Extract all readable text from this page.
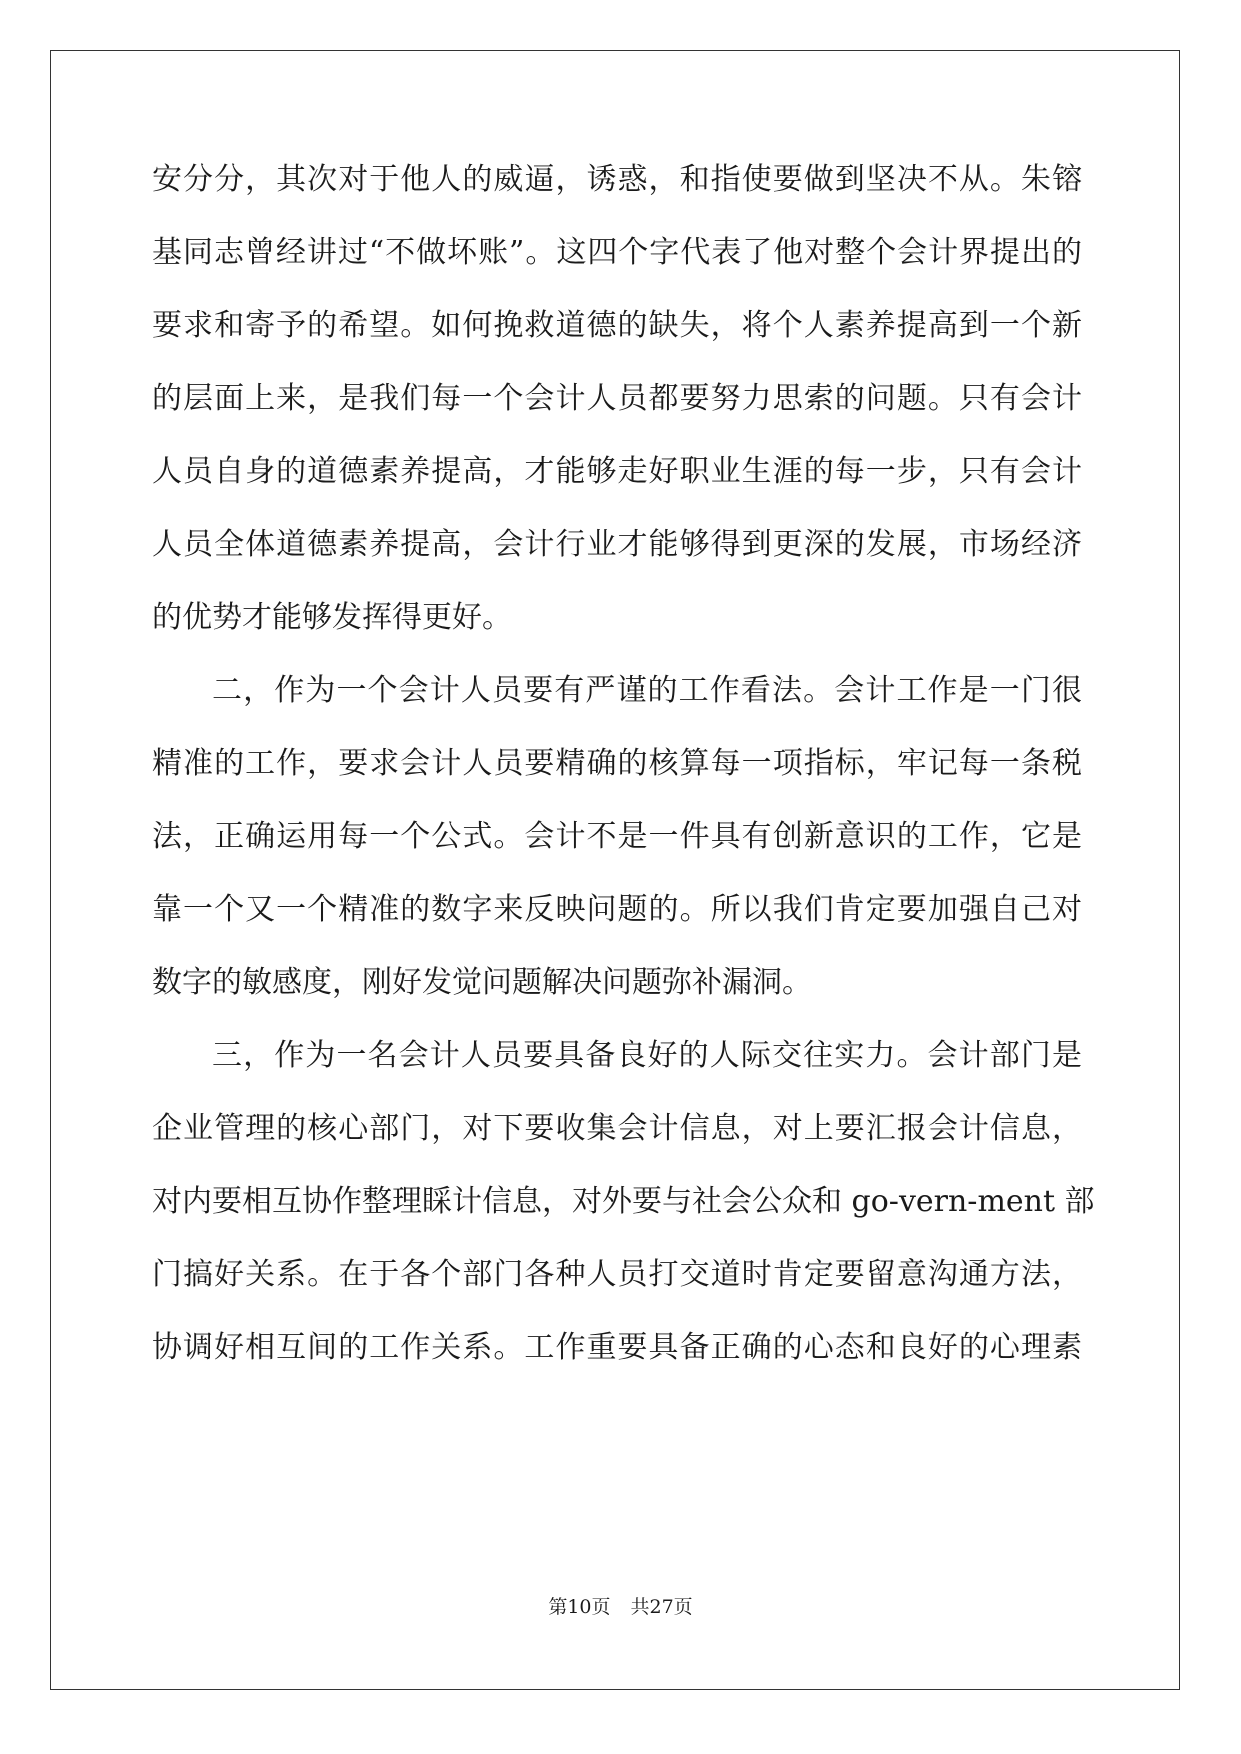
安分分，其次对于他人的威逼，诱惑，和指使要做到坚决不从。朱镕
基同志曾经讲过“不做坏账”。这四个字代表了他对整个会计界提出的
要求和寄予的希望。如何挽救道德的缺失，将个人素养提高到一个新
的层面上来，是我们每一个会计人员都要努力思索的问题。只有会计
人员自身的道德素养提高，才能够走好职业生涯的每一步，只有会计
人员全体道德素养提高，会计行业才能够得到更深的发展，市场经济
的优势才能够发挥得更好。
二，作为一个会计人员要有严谨的工作看法。会计工作是一门很
精准的工作，要求会计人员要精确的核算每一项指标，牢记每一条税
法，正确运用每一个公式。会计不是一件具有创新意识的工作，它是
靠一个又一个精准的数字来反映问题的。所以我们肯定要加强自己对
数字的敏感度，刚好发觉问题解决问题弥补漏洞。
三，作为一名会计人员要具备良好的人际交往实力。会计部门是
企业管理的核心部门，对下要收集会计信息，对上要汇报会计信息，
对内要相互协作整理睬计信息，对外要与社会公众和 go-vern-ment 部
门搞好关系。在于各个部门各种人员打交道时肯定要留意沟通方法，
协调好相互间的工作关系。工作重要具备正确的心态和良好的心理素
第10页 共27页
